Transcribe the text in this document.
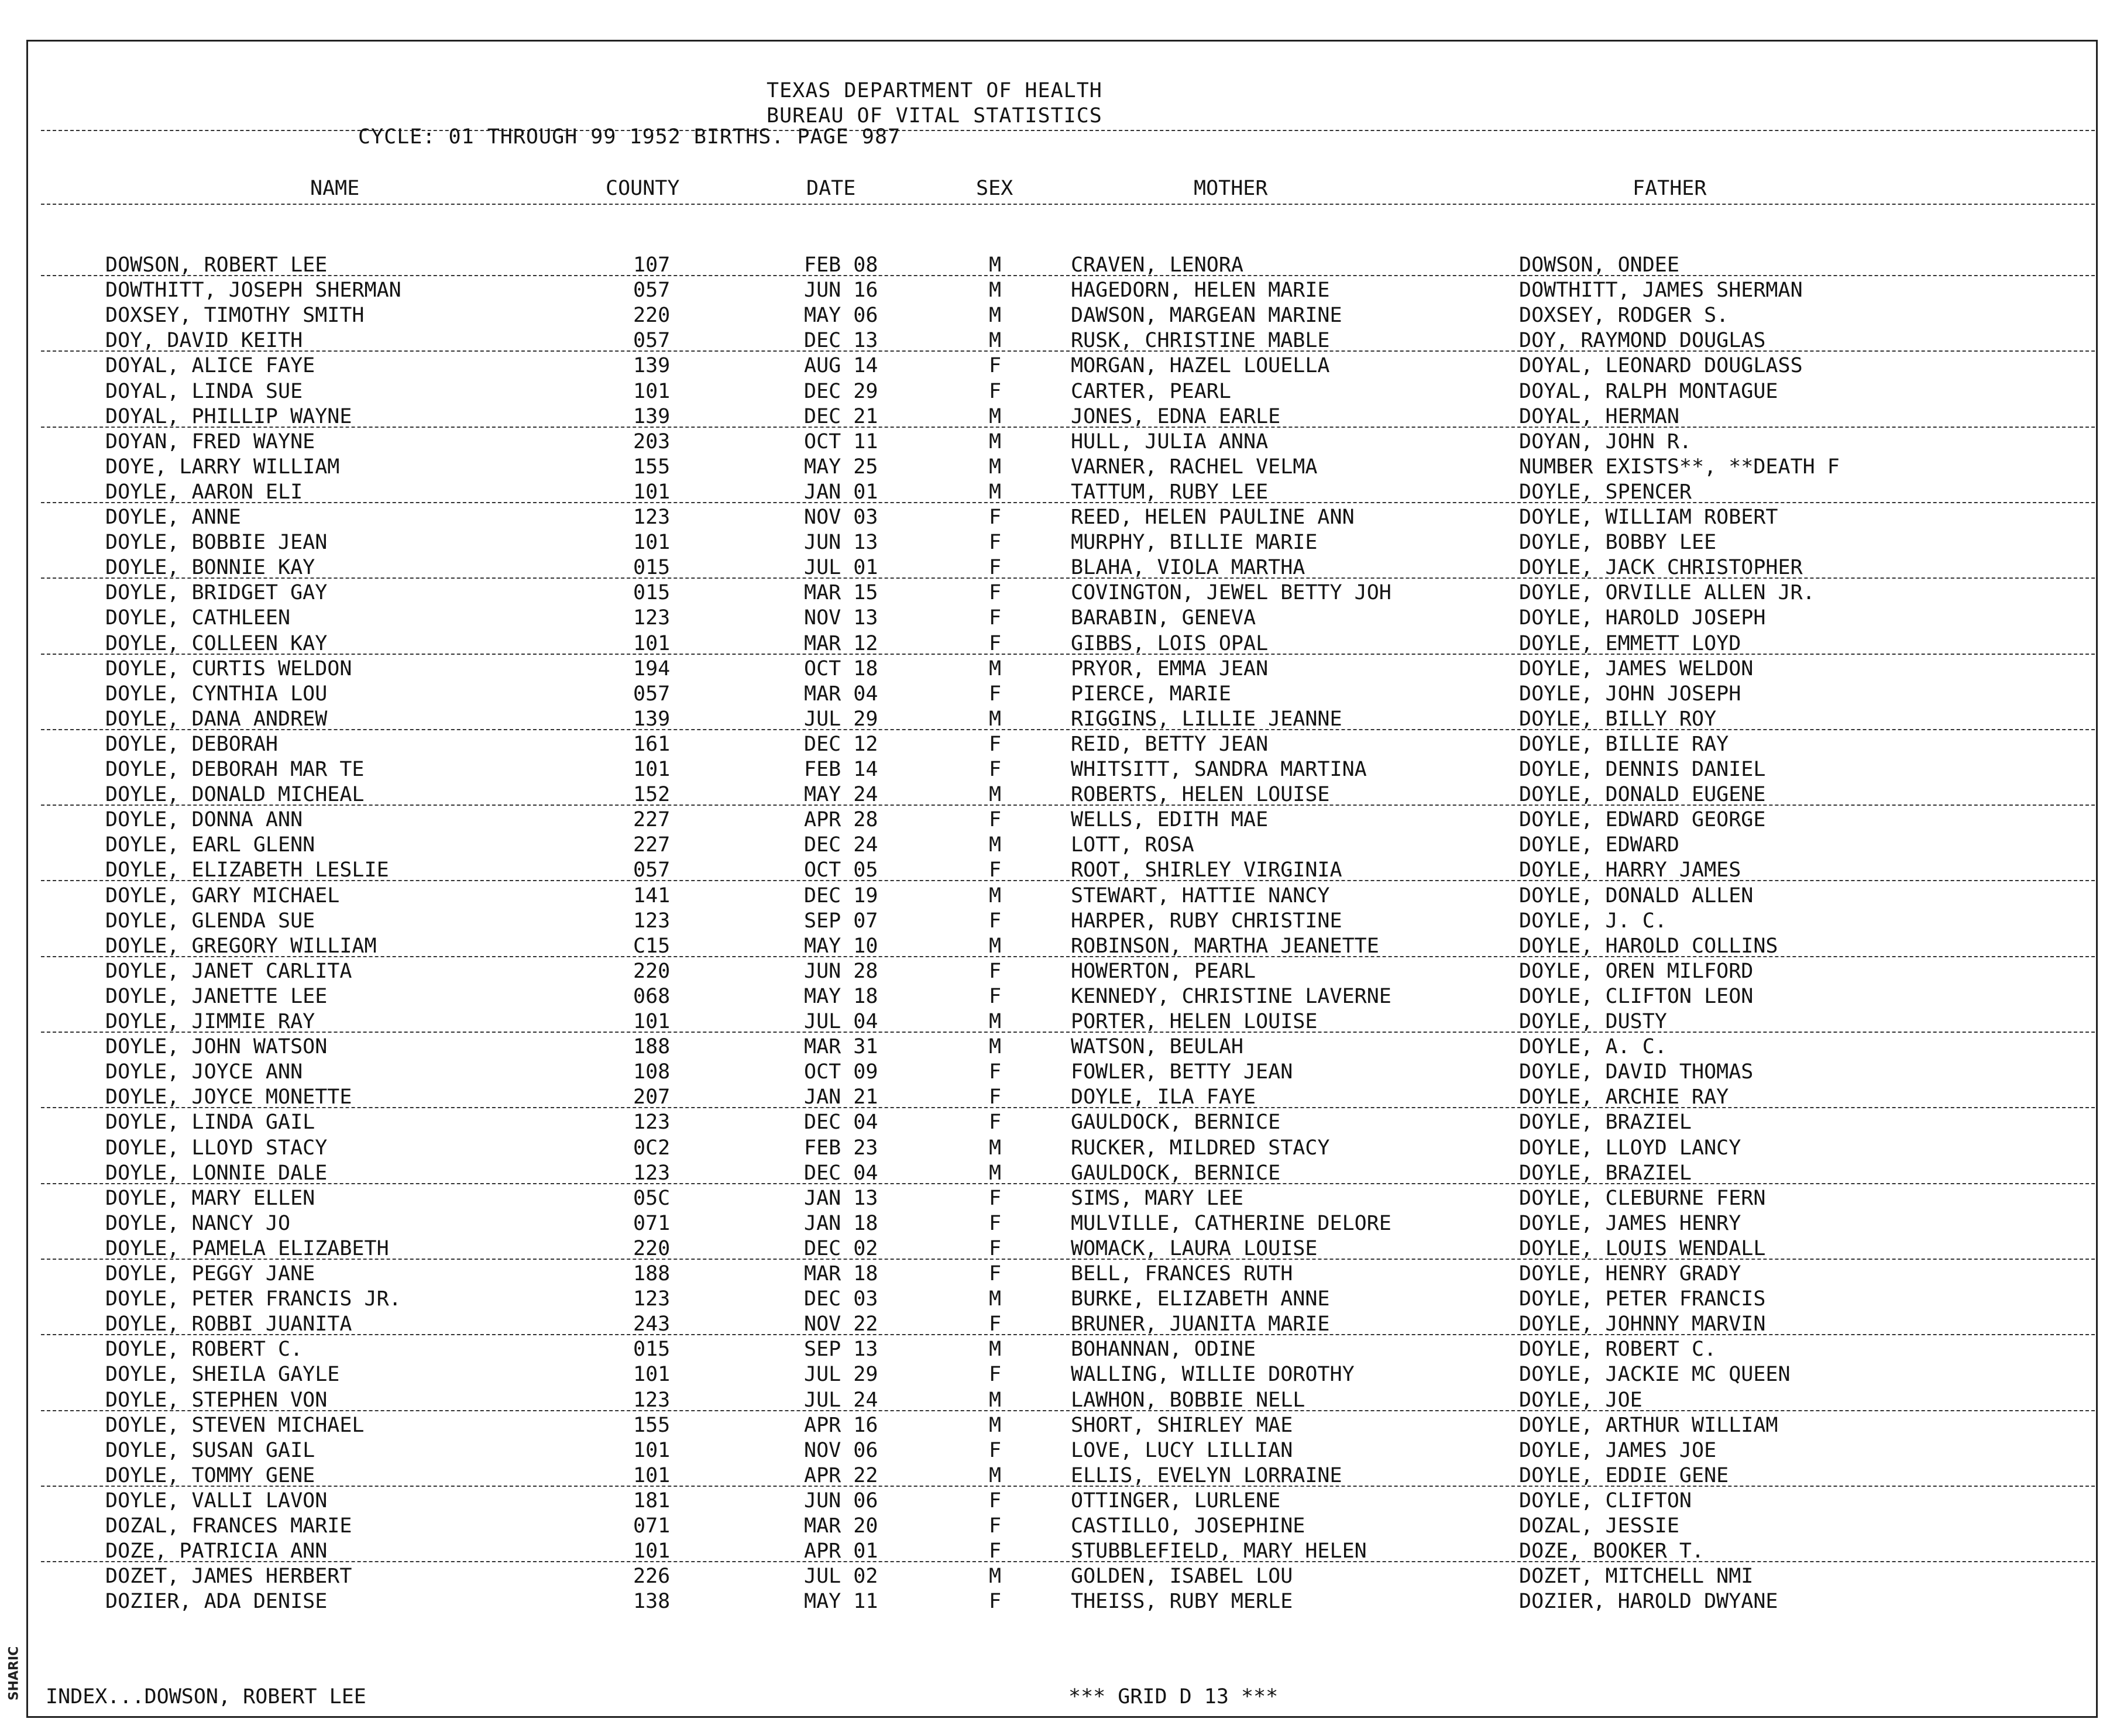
SHARIC
TEXAS DEPARTMENT OF HEALTH
BUREAU OF VITAL STATISTICS
CYCLE: 01 THROUGH 99 1952 BIRTHS. PAGE 987
NAME	COUNTY	DATE	SEX	MOTHER	FATHER
DOWSON, ROBERT LEE	107	FEB 08	M	CRAVEN, LENORA	DOWSON, ONDEE
DOWTHITT, JOSEPH SHERMAN	057	JUN 16	M	HAGEDORN, HELEN MARIE	DOWTHITT, JAMES SHERMAN
DOXSEY, TIMOTHY SMITH	220	MAY 06	M	DAWSON, MARGEAN MARINE	DOXSEY, RODGER S.
DOY, DAVID KEITH	057	DEC 13	M	RUSK, CHRISTINE MABLE	DOY, RAYMOND DOUGLAS
DOYAL, ALICE FAYE	139	AUG 14	F	MORGAN, HAZEL LOUELLA	DOYAL, LEONARD DOUGLASS
DOYAL, LINDA SUE	101	DEC 29	F	CARTER, PEARL	DOYAL, RALPH MONTAGUE
DOYAL, PHILLIP WAYNE	139	DEC 21	M	JONES, EDNA EARLE	DOYAL, HERMAN
DOYAN, FRED WAYNE	203	OCT 11	M	HULL, JULIA ANNA	DOYAN, JOHN R.
DOYE, LARRY WILLIAM	155	MAY 25	M	VARNER, RACHEL VELMA	NUMBER EXISTS**, **DEATH F
DOYLE, AARON ELI	101	JAN 01	M	TATTUM, RUBY LEE	DOYLE, SPENCER
DOYLE, ANNE	123	NOV 03	F	REED, HELEN PAULINE ANN	DOYLE, WILLIAM ROBERT
DOYLE, BOBBIE JEAN	101	JUN 13	F	MURPHY, BILLIE MARIE	DOYLE, BOBBY LEE
DOYLE, BONNIE KAY	015	JUL 01	F	BLAHA, VIOLA MARTHA	DOYLE, JACK CHRISTOPHER
DOYLE, BRIDGET GAY	015	MAR 15	F	COVINGTON, JEWEL BETTY JOH	DOYLE, ORVILLE ALLEN JR.
DOYLE, CATHLEEN	123	NOV 13	F	BARABIN, GENEVA	DOYLE, HAROLD JOSEPH
DOYLE, COLLEEN KAY	101	MAR 12	F	GIBBS, LOIS OPAL	DOYLE, EMMETT LOYD
DOYLE, CURTIS WELDON	194	OCT 18	M	PRYOR, EMMA JEAN	DOYLE, JAMES WELDON
DOYLE, CYNTHIA LOU	057	MAR 04	F	PIERCE, MARIE	DOYLE, JOHN JOSEPH
DOYLE, DANA ANDREW	139	JUL 29	M	RIGGINS, LILLIE JEANNE	DOYLE, BILLY ROY
DOYLE, DEBORAH	161	DEC 12	F	REID, BETTY JEAN	DOYLE, BILLIE RAY
DOYLE, DEBORAH MAR TE	101	FEB 14	F	WHITSITT, SANDRA MARTINA	DOYLE, DENNIS DANIEL
DOYLE, DONALD MICHEAL	152	MAY 24	M	ROBERTS, HELEN LOUISE	DOYLE, DONALD EUGENE
DOYLE, DONNA ANN	227	APR 28	F	WELLS, EDITH MAE	DOYLE, EDWARD GEORGE
DOYLE, EARL GLENN	227	DEC 24	M	LOTT, ROSA	DOYLE, EDWARD
DOYLE, ELIZABETH LESLIE	057	OCT 05	F	ROOT, SHIRLEY VIRGINIA	DOYLE, HARRY JAMES
DOYLE, GARY MICHAEL	141	DEC 19	M	STEWART, HATTIE NANCY	DOYLE, DONALD ALLEN
DOYLE, GLENDA SUE	123	SEP 07	F	HARPER, RUBY CHRISTINE	DOYLE, J. C.
DOYLE, GREGORY WILLIAM	C15	MAY 10	M	ROBINSON, MARTHA JEANETTE	DOYLE, HAROLD COLLINS
DOYLE, JANET CARLITA	220	JUN 28	F	HOWERTON, PEARL	DOYLE, OREN MILFORD
DOYLE, JANETTE LEE	068	MAY 18	F	KENNEDY, CHRISTINE LAVERNE	DOYLE, CLIFTON LEON
DOYLE, JIMMIE RAY	101	JUL 04	M	PORTER, HELEN LOUISE	DOYLE, DUSTY
DOYLE, JOHN WATSON	188	MAR 31	M	WATSON, BEULAH	DOYLE, A. C.
DOYLE, JOYCE ANN	108	OCT 09	F	FOWLER, BETTY JEAN	DOYLE, DAVID THOMAS
DOYLE, JOYCE MONETTE	207	JAN 21	F	DOYLE, ILA FAYE	DOYLE, ARCHIE RAY
DOYLE, LINDA GAIL	123	DEC 04	F	GAULDOCK, BERNICE	DOYLE, BRAZIEL
DOYLE, LLOYD STACY	0C2	FEB 23	M	RUCKER, MILDRED STACY	DOYLE, LLOYD LANCY
DOYLE, LONNIE DALE	123	DEC 04	M	GAULDOCK, BERNICE	DOYLE, BRAZIEL
DOYLE, MARY ELLEN	05C	JAN 13	F	SIMS, MARY LEE	DOYLE, CLEBURNE FERN
DOYLE, NANCY JO	071	JAN 18	F	MULVILLE, CATHERINE DELORE	DOYLE, JAMES HENRY
DOYLE, PAMELA ELIZABETH	220	DEC 02	F	WOMACK, LAURA LOUISE	DOYLE, LOUIS WENDALL
DOYLE, PEGGY JANE	188	MAR 18	F	BELL, FRANCES RUTH	DOYLE, HENRY GRADY
DOYLE, PETER FRANCIS JR.	123	DEC 03	M	BURKE, ELIZABETH ANNE	DOYLE, PETER FRANCIS
DOYLE, ROBBI JUANITA	243	NOV 22	F	BRUNER, JUANITA MARIE	DOYLE, JOHNNY MARVIN
DOYLE, ROBERT C.	015	SEP 13	M	BOHANNAN, ODINE	DOYLE, ROBERT C.
DOYLE, SHEILA GAYLE	101	JUL 29	F	WALLING, WILLIE DOROTHY	DOYLE, JACKIE MC QUEEN
DOYLE, STEPHEN VON	123	JUL 24	M	LAWHON, BOBBIE NELL	DOYLE, JOE
DOYLE, STEVEN MICHAEL	155	APR 16	M	SHORT, SHIRLEY MAE	DOYLE, ARTHUR WILLIAM
DOYLE, SUSAN GAIL	101	NOV 06	F	LOVE, LUCY LILLIAN	DOYLE, JAMES JOE
DOYLE, TOMMY GENE	101	APR 22	M	ELLIS, EVELYN LORRAINE	DOYLE, EDDIE GENE
DOYLE, VALLI LAVON	181	JUN 06	F	OTTINGER, LURLENE	DOYLE, CLIFTON
DOZAL, FRANCES MARIE	071	MAR 20	F	CASTILLO, JOSEPHINE	DOZAL, JESSIE
DOZE, PATRICIA ANN	101	APR 01	F	STUBBLEFIELD, MARY HELEN	DOZE, BOOKER T.
DOZET, JAMES HERBERT	226	JUL 02	M	GOLDEN, ISABEL LOU	DOZET, MITCHELL NMI
DOZIER, ADA DENISE	138	MAY 11	F	THEISS, RUBY MERLE	DOZIER, HAROLD DWYANE
INDEX...DOWSON, ROBERT LEE	*** GRID D 13 ***
